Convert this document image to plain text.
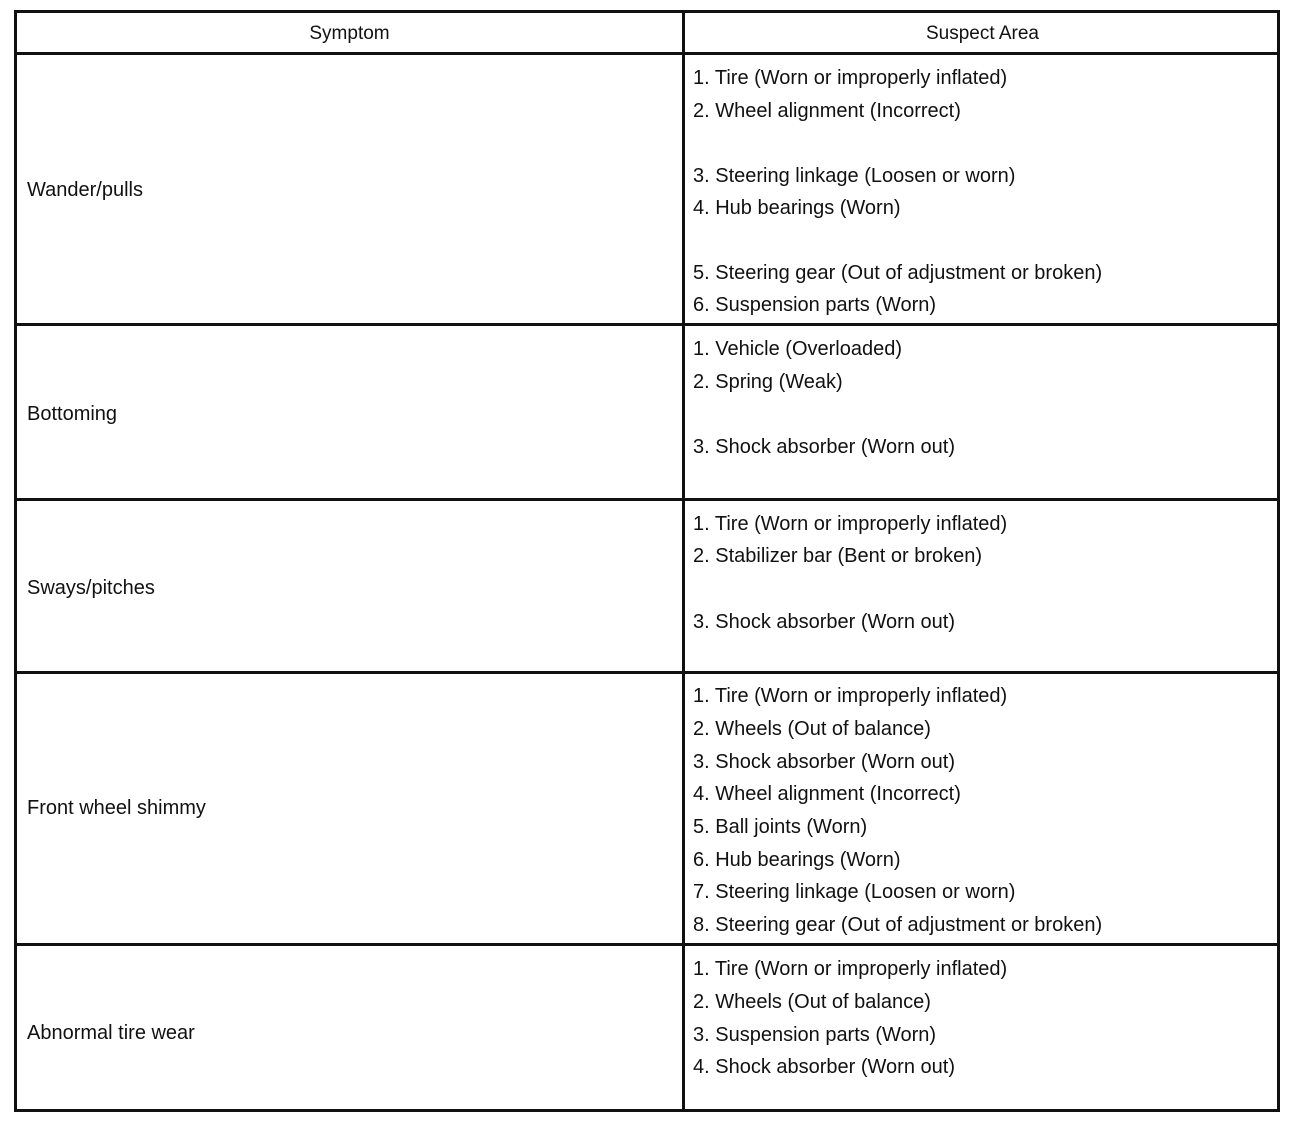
Symptom	Suspect Area
Wander/pulls
1. Tire (Worn or improperly inflated)
2. Wheel alignment (Incorrect)
3. Steering linkage (Loosen or worn)
4. Hub bearings (Worn)
5. Steering gear (Out of adjustment or broken)
6. Suspension parts (Worn)
Bottoming
1. Vehicle (Overloaded)
2. Spring (Weak)
3. Shock absorber (Worn out)
Sways/pitches
1. Tire (Worn or improperly inflated)
2. Stabilizer bar (Bent or broken)
3. Shock absorber (Worn out)
Front wheel shimmy
1. Tire (Worn or improperly inflated)
2. Wheels (Out of balance)
3. Shock absorber (Worn out)
4. Wheel alignment (Incorrect)
5. Ball joints (Worn)
6. Hub bearings (Worn)
7. Steering linkage (Loosen or worn)
8. Steering gear (Out of adjustment or broken)
Abnormal tire wear
1. Tire (Worn or improperly inflated)
2. Wheels (Out of balance)
3. Suspension parts (Worn)
4. Shock absorber (Worn out)
